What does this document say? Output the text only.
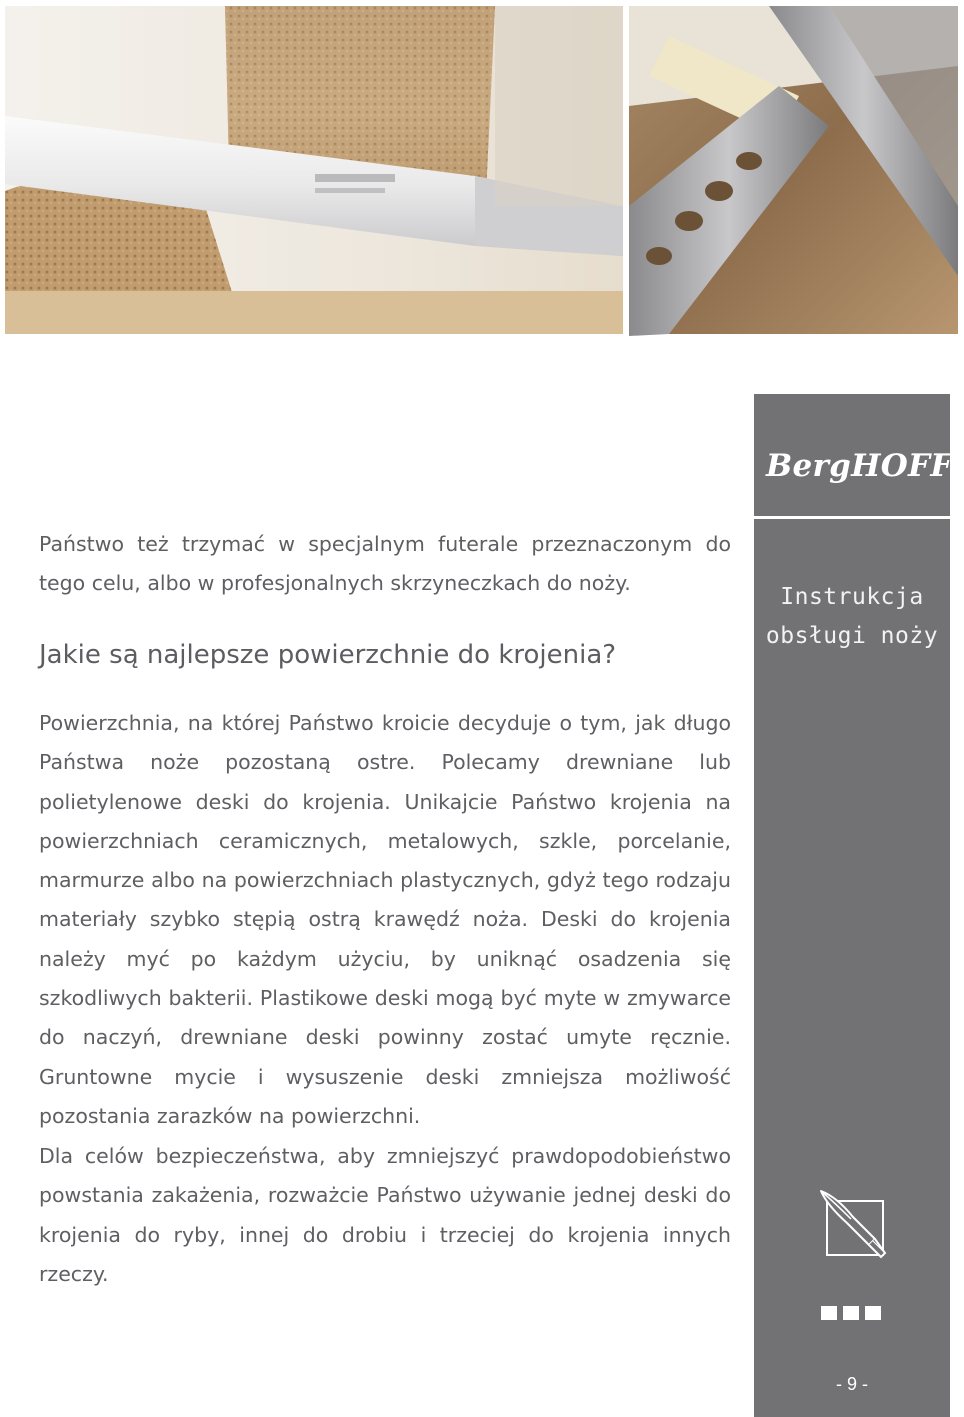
BergHOFF®
Instrukcja
obsługi noży
- 9 -

Państwo też trzymać w specjalnym futerale przeznaczonym do tego celu, albo w profesjonalnych skrzyneczkach do noży.

Jakie są najlepsze powierzchnie do krojenia?

Powierzchnia, na której Państwo kroicie decyduje o tym, jak długo Państwa noże pozostaną ostre. Polecamy drewniane lub polietylenowe deski do krojenia. Unikajcie Państwo krojenia na powierzchniach ceramicznych, metalowych, szkle, porcelanie, marmurze albo na powierzchniach plastycznych, gdyż tego rodzaju materiały szybko stępią ostrą krawędź noża. Deski do krojenia należy myć po każdym użyciu, by uniknąć osadzenia się szkodliwych bakterii. Plastikowe deski mogą być myte w zmywarce do naczyń, drewniane deski powinny zostać umyte ręcznie. Gruntowne mycie i wysuszenie deski zmniejsza możliwość pozostania zarazków na powierzchni.

Dla celów bezpieczeństwa, aby zmniejszyć prawdopodobieństwo powstania zakażenia, rozważcie Państwo używanie jednej deski do krojenia do ryby, innej do drobiu i trzeciej do krojenia innych rzeczy.
